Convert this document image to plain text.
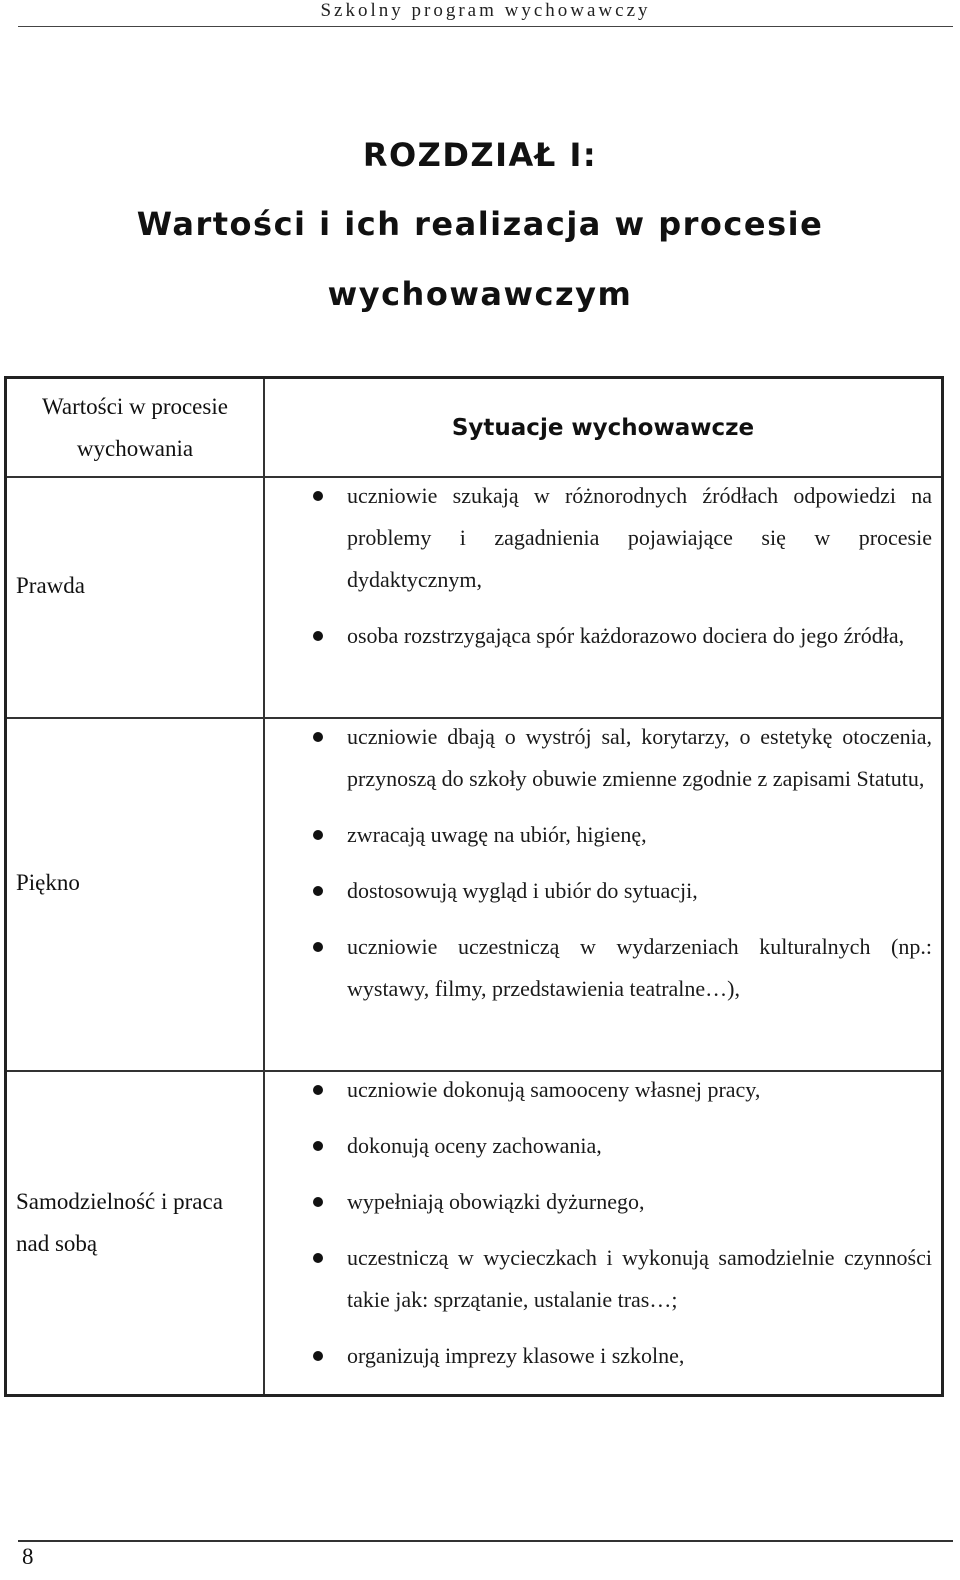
Szkolny program wychowawczy
ROZDZIAŁ I:
Wartości i ich realizacja w procesie
wychowawczym
Wartości w procesie wychowania
Sytuacje wychowawcze
Prawda
uczniowie szukają w różnorodnych źródłach odpowiedzi na problemy i zagadnienia pojawiające się w procesie dydaktycznym,
osoba rozstrzygająca spór każdorazowo dociera do jego źródła,
Piękno
uczniowie dbają o wystrój sal, korytarzy, o estetykę otoczenia, przynoszą do szkoły obuwie zmienne zgodnie z zapisami Statutu,
zwracają uwagę na ubiór, higienę,
dostosowują wygląd i ubiór do sytuacji,
uczniowie uczestniczą w wydarzeniach kulturalnych (np.: wystawy, filmy, przedstawienia teatralne…),
Samodzielność i praca nad sobą
uczniowie dokonują samooceny własnej pracy,
dokonują oceny zachowania,
wypełniają obowiązki dyżurnego,
uczestniczą w wycieczkach i wykonują samodzielnie czynności takie jak: sprzątanie, ustalanie tras…;
organizują imprezy klasowe i szkolne,
8
